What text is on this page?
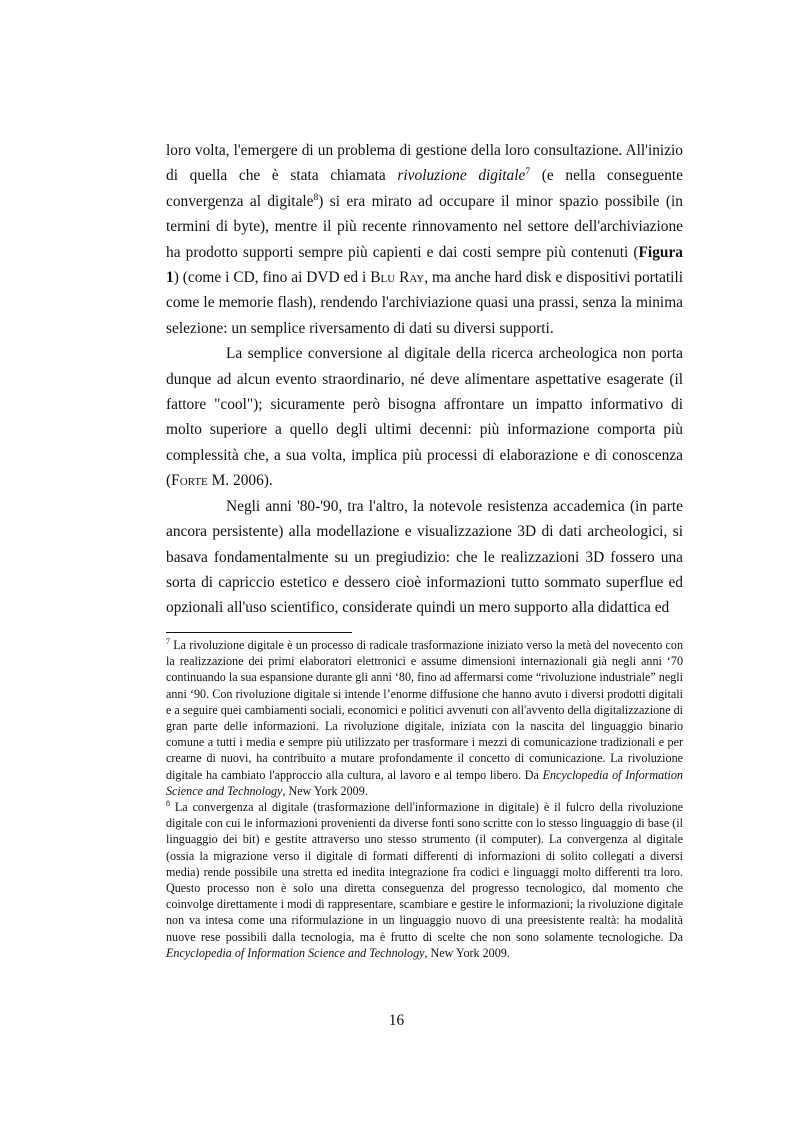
loro volta, l'emergere di un problema di gestione della loro consultazione. All'inizio di quella che è stata chiamata rivoluzione digitale$^7$ (e nella conseguente convergenza al digitale$^8$) si era mirato ad occupare il minor spazio possibile (in termini di byte), mentre il più recente rinnovamento nel settore dell'archiviazione ha prodotto supporti sempre più capienti e dai costi sempre più contenuti (Figura 1) (come i CD, fino ai DVD ed i Blu Ray, ma anche hard disk e dispositivi portatili come le memorie flash), rendendo l'archiviazione quasi una prassi, senza la minima selezione: un semplice riversamento di dati su diversi supporti.

La semplice conversione al digitale della ricerca archeologica non porta dunque ad alcun evento straordinario, né deve alimentare aspettative esagerate (il fattore "cool"); sicuramente però bisogna affrontare un impatto informativo di molto superiore a quello degli ultimi decenni: più informazione comporta più complessità che, a sua volta, implica più processi di elaborazione e di conoscenza (Forte M. 2006).

Negli anni '80-'90, tra l'altro, la notevole resistenza accademica (in parte ancora persistente) alla modellazione e visualizzazione 3D di dati archeologici, si basava fondamentalmente su un pregiudizio: che le realizzazioni 3D fossero una sorta di capriccio estetico e dessero cioè informazioni tutto sommato superflue ed opzionali all'uso scientifico, considerate quindi un mero supporto alla didattica ed

$^7$ La rivoluzione digitale è un processo di radicale trasformazione iniziato verso la metà del novecento con la realizzazione dei primi elaboratori elettronici e assume dimensioni internazionali già negli anni ‘70 continuando la sua espansione durante gli anni ‘80, fino ad affermarsi come “rivoluzione industriale” negli anni ‘90. Con rivoluzione digitale si intende l’enorme diffusione che hanno avuto i diversi prodotti digitali e a seguire quei cambiamenti sociali, economici e politici avvenuti con all'avvento della digitalizzazione di gran parte delle informazioni. La rivoluzione digitale, iniziata con la nascita del linguaggio binario comune a tutti i media e sempre più utilizzato per trasformare i mezzi di comunicazione tradizionali e per crearne di nuovi, ha contribuito a mutare profondamente il concetto di comunicazione. La rivoluzione digitale ha cambiato l'approccio alla cultura, al lavoro e al tempo libero. Da Encyclopedia of Information Science and Technology, New York 2009.

$^8$ La convergenza al digitale (trasformazione dell'informazione in digitale) è il fulcro della rivoluzione digitale con cui le informazioni provenienti da diverse fonti sono scritte con lo stesso linguaggio di base (il linguaggio dei bit) e gestite attraverso uno stesso strumento (il computer). La convergenza al digitale (ossia la migrazione verso il digitale di formati differenti di informazioni di solito collegati a diversi media) rende possibile una stretta ed inedita integrazione fra codici e linguaggi molto differenti tra loro. Questo processo non è solo una diretta conseguenza del progresso tecnologico, dal momento che coinvolge direttamente i modi di rappresentare, scambiare e gestire le informazioni; la rivoluzione digitale non va intesa come una riformulazione in un linguaggio nuovo di una preesistente realtà: ha modalità nuove rese possibili dalla tecnologia, ma è frutto di scelte che non sono solamente tecnologiche. Da Encyclopedia of Information Science and Technology, New York 2009.

16
